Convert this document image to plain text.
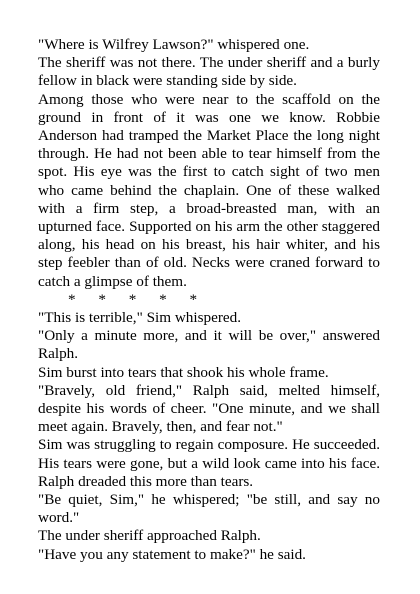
"Where is Wilfrey Lawson?" whispered one.

The sheriff was not there. The under sheriff and a burly fellow in black were standing side by side.

Among those who were near to the scaffold on the ground in front of it was one we know. Robbie Anderson had tramped the Market Place the long night through. He had not been able to tear himself from the spot. His eye was the first to catch sight of two men who came behind the chaplain. One of these walked with a firm step, a broad-breasted man, with an upturned face. Supported on his arm the other staggered along, his head on his breast, his hair whiter, and his step feebler than of old. Necks were craned forward to catch a glimpse of them.

*      *      *      *      *

"This is terrible," Sim whispered.

"Only a minute more, and it will be over," answered Ralph.

Sim burst into tears that shook his whole frame.

"Bravely, old friend," Ralph said, melted himself, despite his words of cheer. "One minute, and we shall meet again. Bravely, then, and fear not."

Sim was struggling to regain composure. He succeeded. His tears were gone, but a wild look came into his face. Ralph dreaded this more than tears.

"Be quiet, Sim," he whispered; "be still, and say no word."

The under sheriff approached Ralph.

"Have you any statement to make?" he said.
